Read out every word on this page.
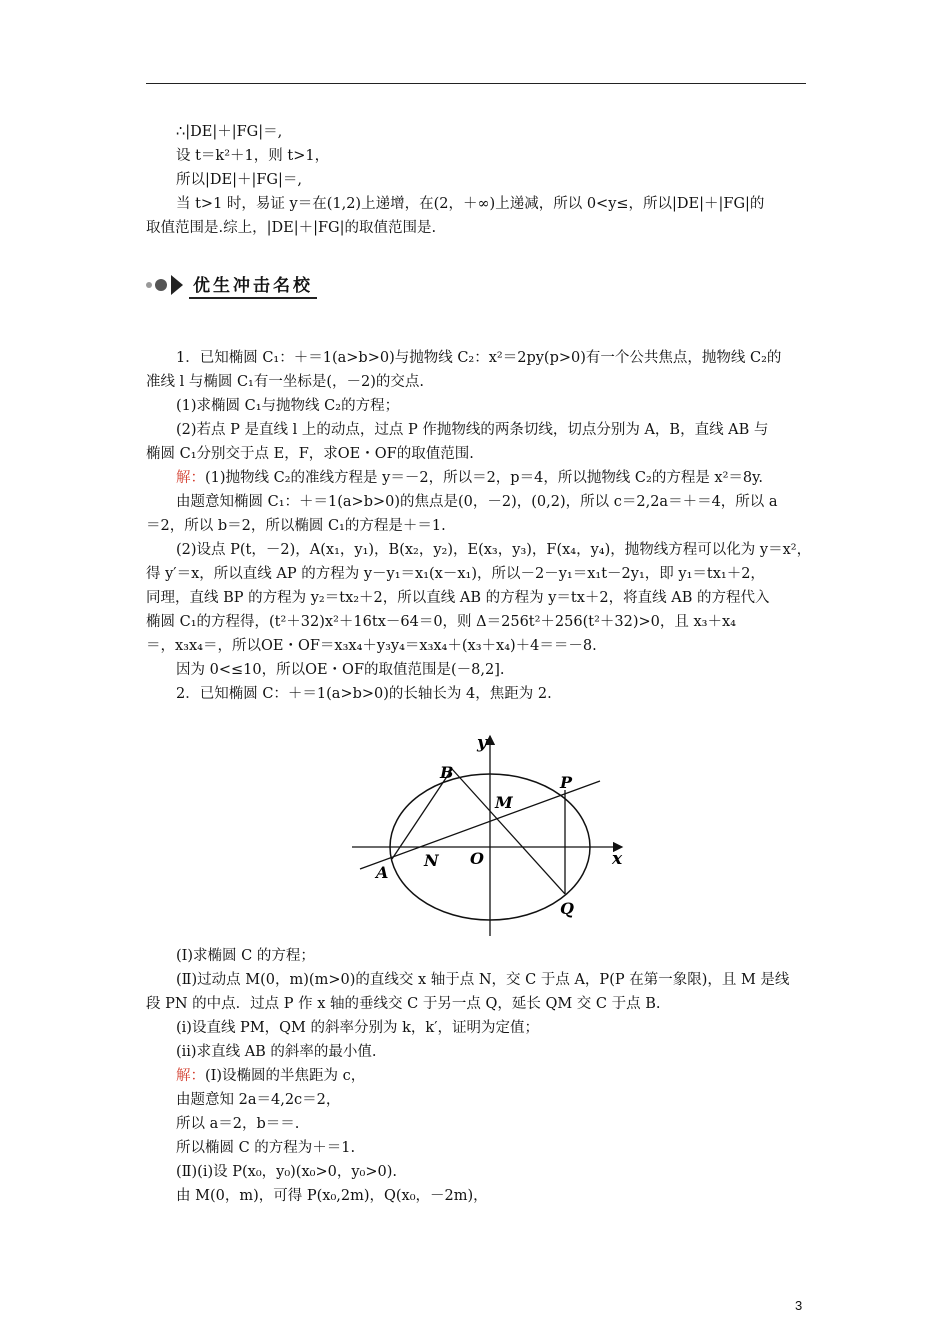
∴|DE|＋|FG|＝,
设 t＝k²＋1，则 t>1，
所以|DE|＋|FG|＝,
当 t>1 时，易证 y＝在(1,2)上递增，在(2，＋∞)上递减，所以 0<y≤，所以|DE|＋|FG|的
取值范围是.综上，|DE|＋|FG|的取值范围是.
优生冲击名校
1．已知椭圆 C₁：＋＝1(a>b>0)与抛物线 C₂：x²＝2py(p>0)有一个公共焦点，抛物线 C₂的
准线 l 与椭圆 C₁有一坐标是(，－2)的交点.
(1)求椭圆 C₁与抛物线 C₂的方程；
(2)若点 P 是直线 l 上的动点，过点 P 作抛物线的两条切线，切点分别为 A，B，直线 AB 与
椭圆 C₁分别交于点 E，F，求OE・OF的取值范围.
解：(1)抛物线 C₂的准线方程是 y＝－2，所以＝2，p＝4，所以抛物线 C₂的方程是 x²＝8y.
由题意知椭圆 C₁：＋＝1(a>b>0)的焦点是(0，－2)，(0,2)，所以 c＝2,2a＝＋＝4，所以 a
＝2，所以 b＝2，所以椭圆 C₁的方程是＋＝1.
(2)设点 P(t，－2)，A(x₁，y₁)，B(x₂，y₂)，E(x₃，y₃)，F(x₄，y₄)，抛物线方程可以化为 y＝x²，
得 y′＝x，所以直线 AP 的方程为 y－y₁＝x₁(x－x₁)，所以－2－y₁＝x₁t－2y₁，即 y₁＝tx₁＋2，
同理，直线 BP 的方程为 y₂＝tx₂＋2，所以直线 AB 的方程为 y＝tx＋2，将直线 AB 的方程代入
椭圆 C₁的方程得，(t²＋32)x²＋16tx－64＝0，则 Δ＝256t²＋256(t²＋32)>0，且 x₃＋x₄
＝，x₃x₄＝，所以OE・OF＝x₃x₄＋y₃y₄＝x₃x₄＋(x₃＋x₄)＋4＝＝－8.
因为 0<≤10，所以OE・OF的取值范围是(－8,2].
2．已知椭圆 C：＋＝1(a>b>0)的长轴长为 4，焦距为 2.
x
y
O
B
P
M
N
A
Q
(Ⅰ)求椭圆 C 的方程；
(Ⅱ)过动点 M(0，m)(m>0)的直线交 x 轴于点 N，交 C 于点 A，P(P 在第一象限)，且 M 是线
段 PN 的中点．过点 P 作 x 轴的垂线交 C 于另一点 Q，延长 QM 交 C 于点 B.
(ⅰ)设直线 PM，QM 的斜率分别为 k，k′，证明为定值；
(ⅱ)求直线 AB 的斜率的最小值.
解：(Ⅰ)设椭圆的半焦距为 c，
由题意知 2a＝4,2c＝2，
所以 a＝2，b＝＝.
所以椭圆 C 的方程为＋＝1.
(Ⅱ)(ⅰ)设 P(x₀，y₀)(x₀>0，y₀>0).
由 M(0，m)，可得 P(x₀,2m)，Q(x₀，－2m)，
3
